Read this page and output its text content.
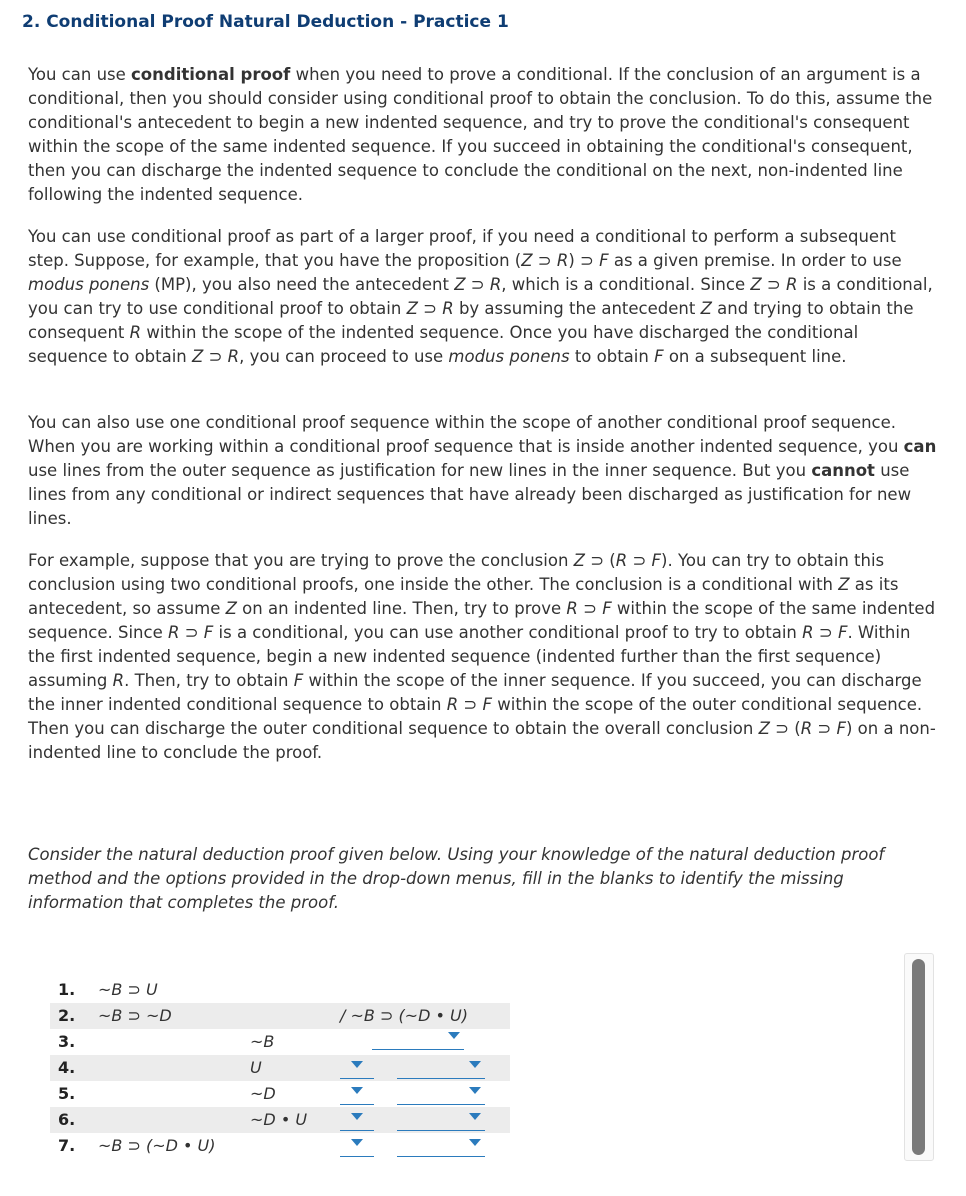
2. Conditional Proof Natural Deduction - Practice 1

You can use conditional proof when you need to prove a conditional. If the conclusion of an argument is a conditional, then you should consider using conditional proof to obtain the conclusion. To do this, assume the conditional's antecedent to begin a new indented sequence, and try to prove the conditional's consequent within the scope of the same indented sequence. If you succeed in obtaining the conditional's consequent, then you can discharge the indented sequence to conclude the conditional on the next, non-indented line following the indented sequence.

You can use conditional proof as part of a larger proof, if you need a conditional to perform a subsequent step. Suppose, for example, that you have the proposition (Z ⊃ R) ⊃ F as a given premise. In order to use modus ponens (MP), you also need the antecedent Z ⊃ R, which is a conditional. Since Z ⊃ R is a conditional, you can try to use conditional proof to obtain Z ⊃ R by assuming the antecedent Z and trying to obtain the consequent R within the scope of the indented sequence. Once you have discharged the conditional sequence to obtain Z ⊃ R, you can proceed to use modus ponens to obtain F on a subsequent line.

You can also use one conditional proof sequence within the scope of another conditional proof sequence. When you are working within a conditional proof sequence that is inside another indented sequence, you can use lines from the outer sequence as justification for new lines in the inner sequence. But you cannot use lines from any conditional or indirect sequences that have already been discharged as justification for new lines.

For example, suppose that you are trying to prove the conclusion Z ⊃ (R ⊃ F). You can try to obtain this conclusion using two conditional proofs, one inside the other. The conclusion is a conditional with Z as its antecedent, so assume Z on an indented line. Then, try to prove R ⊃ F within the scope of the same indented sequence. Since R ⊃ F is a conditional, you can use another conditional proof to try to obtain R ⊃ F. Within the first indented sequence, begin a new indented sequence (indented further than the first sequence) assuming R. Then, try to obtain F within the scope of the inner sequence. If you succeed, you can discharge the inner indented conditional sequence to obtain R ⊃ F within the scope of the outer conditional sequence. Then you can discharge the outer conditional sequence to obtain the overall conclusion Z ⊃ (R ⊃ F) on a non-indented line to conclude the proof.

Consider the natural deduction proof given below. Using your knowledge of the natural deduction proof method and the options provided in the drop-down menus, fill in the blanks to identify the missing information that completes the proof.

1. ~B ⊃ U
2. ~B ⊃ ~D	/ ~B ⊃ (~D • U)
3.	~B
4.	U
5.	~D
6.	~D • U
7. ~B ⊃ (~D • U)
